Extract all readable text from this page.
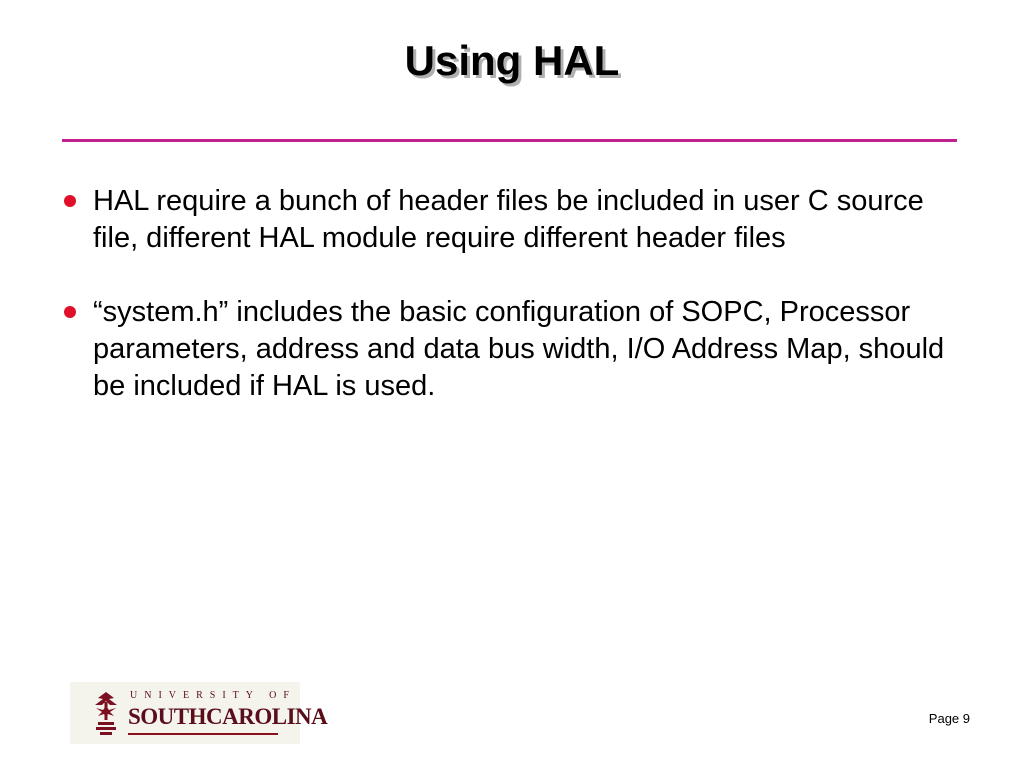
Using HAL
HAL require a bunch of header files be included in user C source file, different HAL module require different header files
“system.h” includes the basic configuration of SOPC, Processor parameters, address and data bus width, I/O Address Map, should be included if HAL is used.
UNIVERSITY OF
SOUTHCAROLINA	Page 9
